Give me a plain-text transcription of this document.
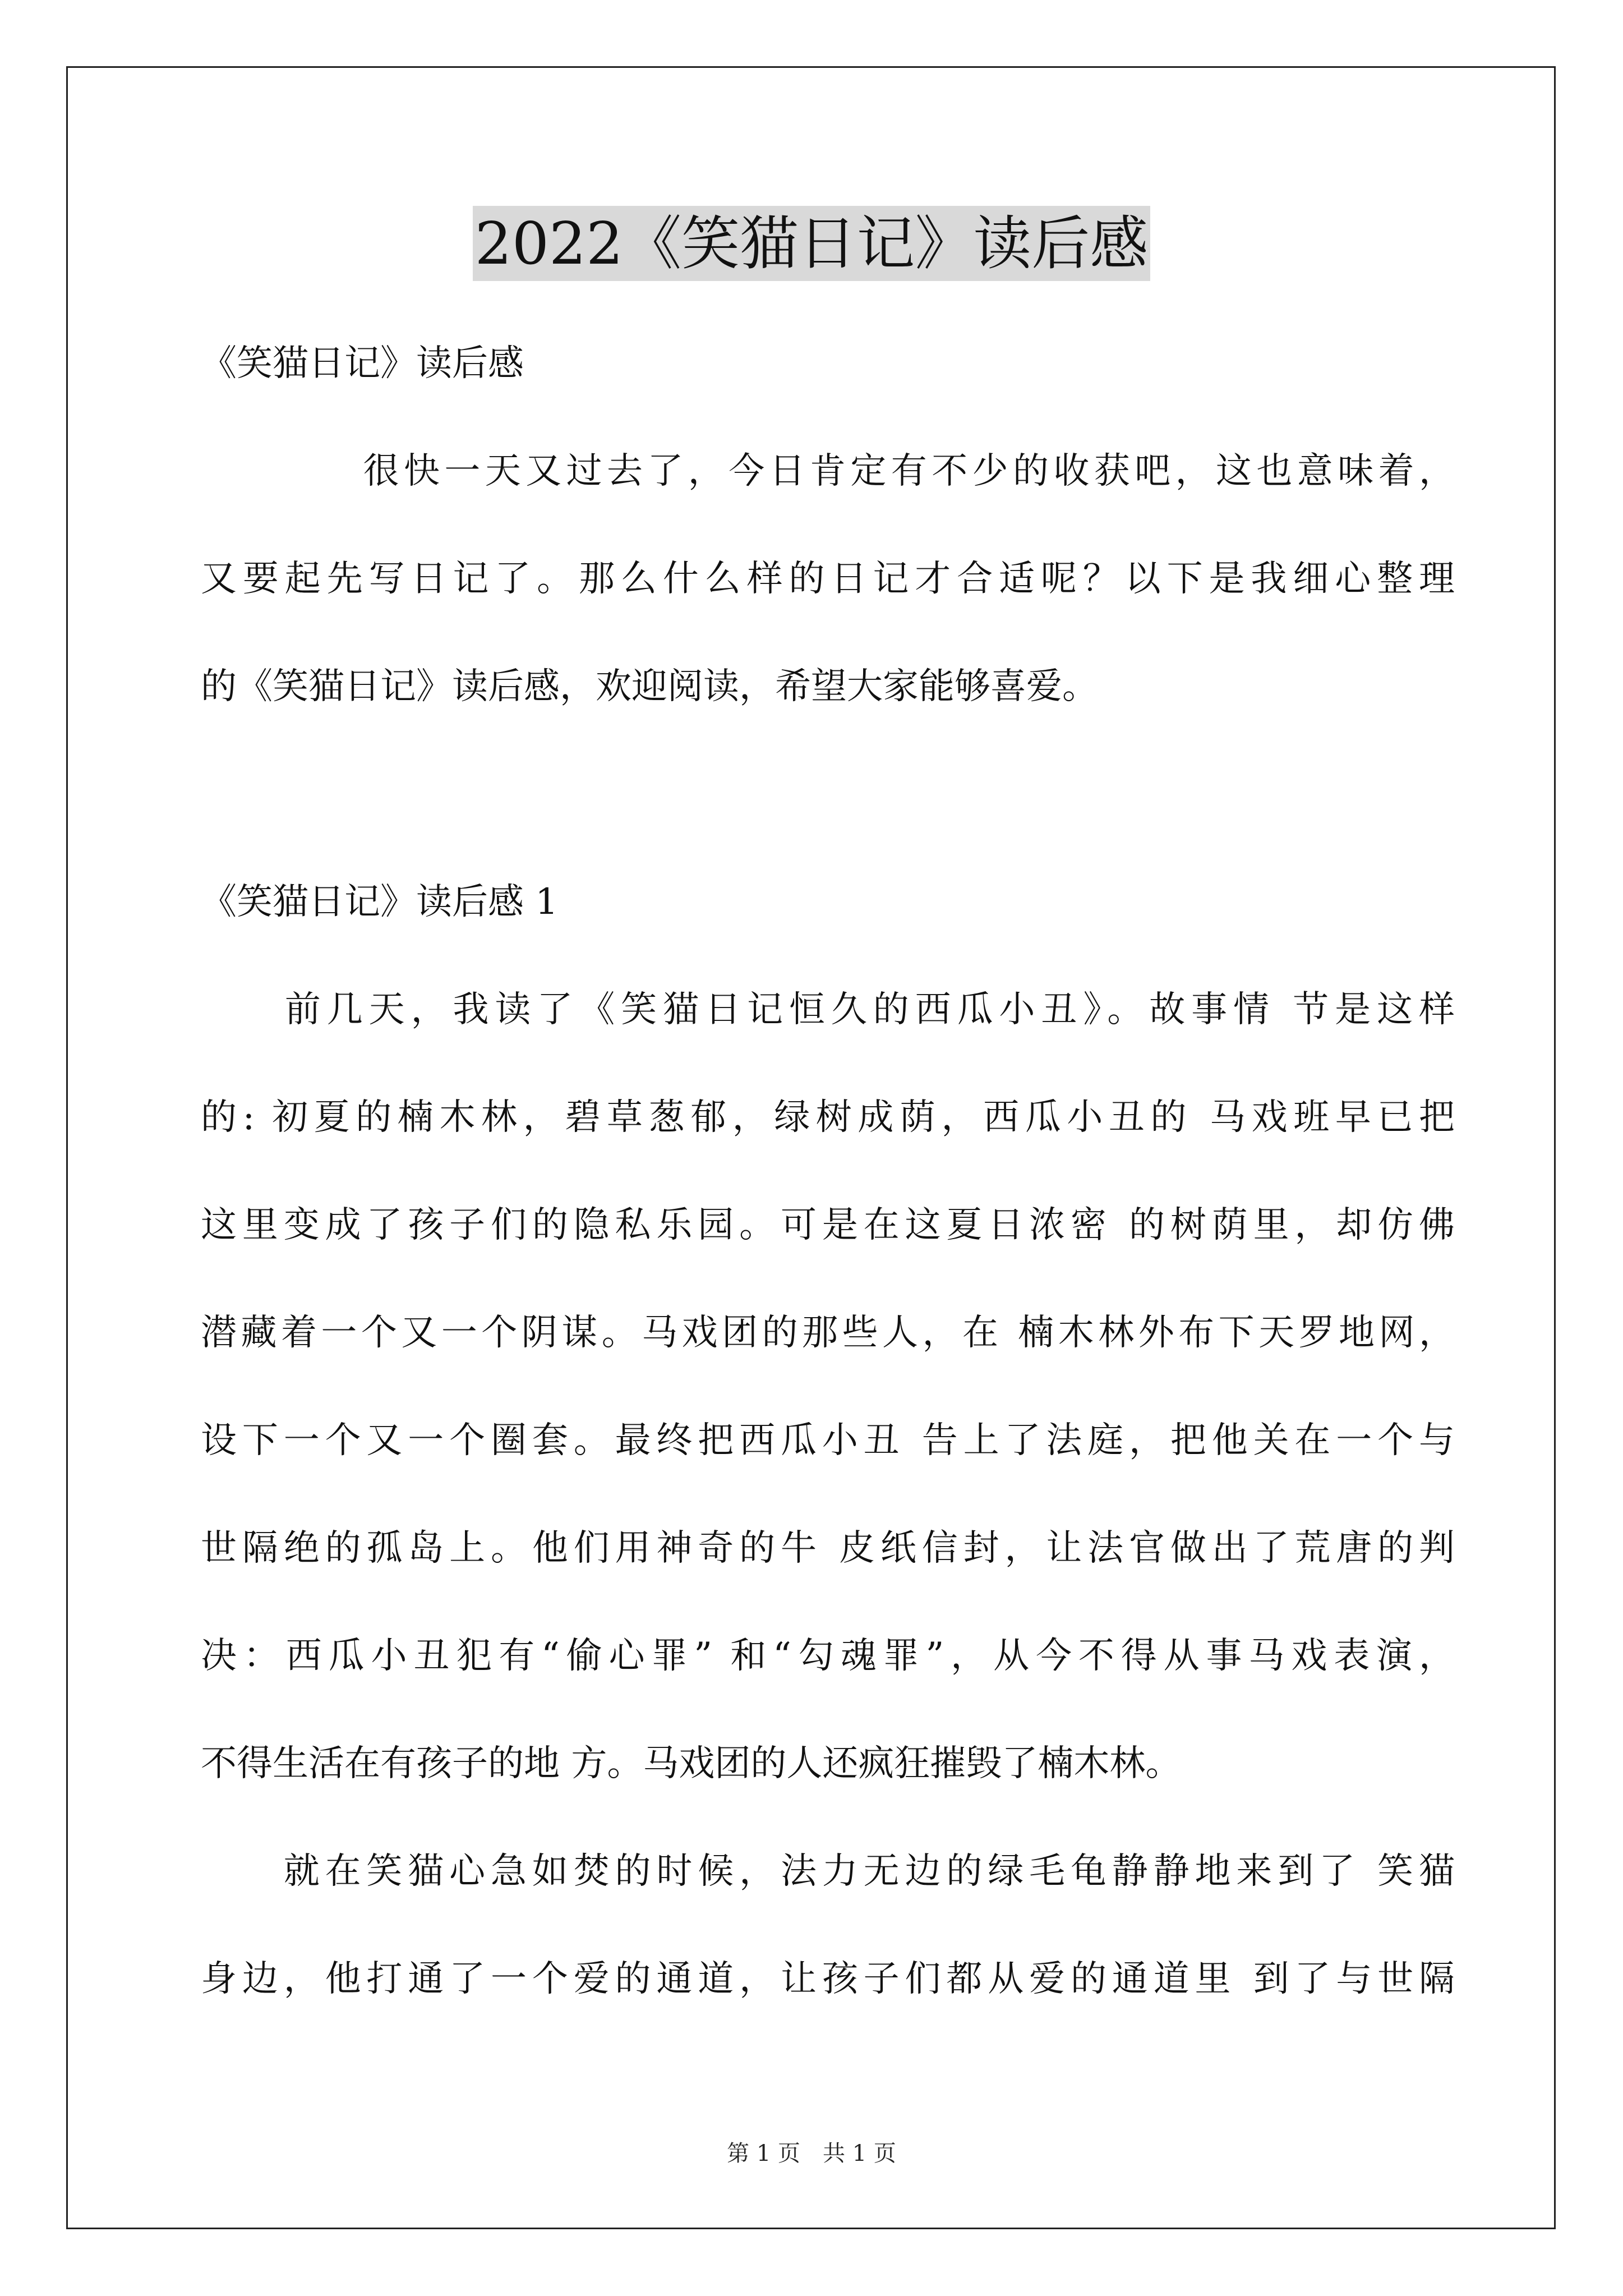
2022《笑猫日记》读后感
《笑猫日记》读后感
　　　　很快一天又过去了，今日肯定有不少的收获吧，这也意味着，
又要起先写日记了。那么什么样的日记才合适呢？以下是我细心整理
的《笑猫日记》读后感，欢迎阅读，希望大家能够喜爱。
《笑猫日记》读后感 1
　　前几天，我读了《笑猫日记恒久的西瓜小丑》。故事情 节是这样
的: 初夏的楠木林，碧草葱郁，绿树成荫，西瓜小丑的 马戏班早已把
这里变成了孩子们的隐私乐园。可是在这夏日浓密 的树荫里，却仿佛
潜藏着一个又一个阴谋。马戏团的那些人，在 楠木林外布下天罗地网，
设下一个又一个圈套。最终把西瓜小丑 告上了法庭，把他关在一个与
世隔绝的孤岛上。他们用神奇的牛 皮纸信封，让法官做出了荒唐的判
决：西瓜小丑犯有“偷心罪” 和“勾魂罪”，从今不得从事马戏表演，
不得生活在有孩子的地 方。马戏团的人还疯狂摧毁了楠木林。
　　就在笑猫心急如焚的时候，法力无边的绿毛龟静静地来到了 笑猫
身边，他打通了一个爱的通道，让孩子们都从爱的通道里 到了与世隔
第 1 页　共 1 页
